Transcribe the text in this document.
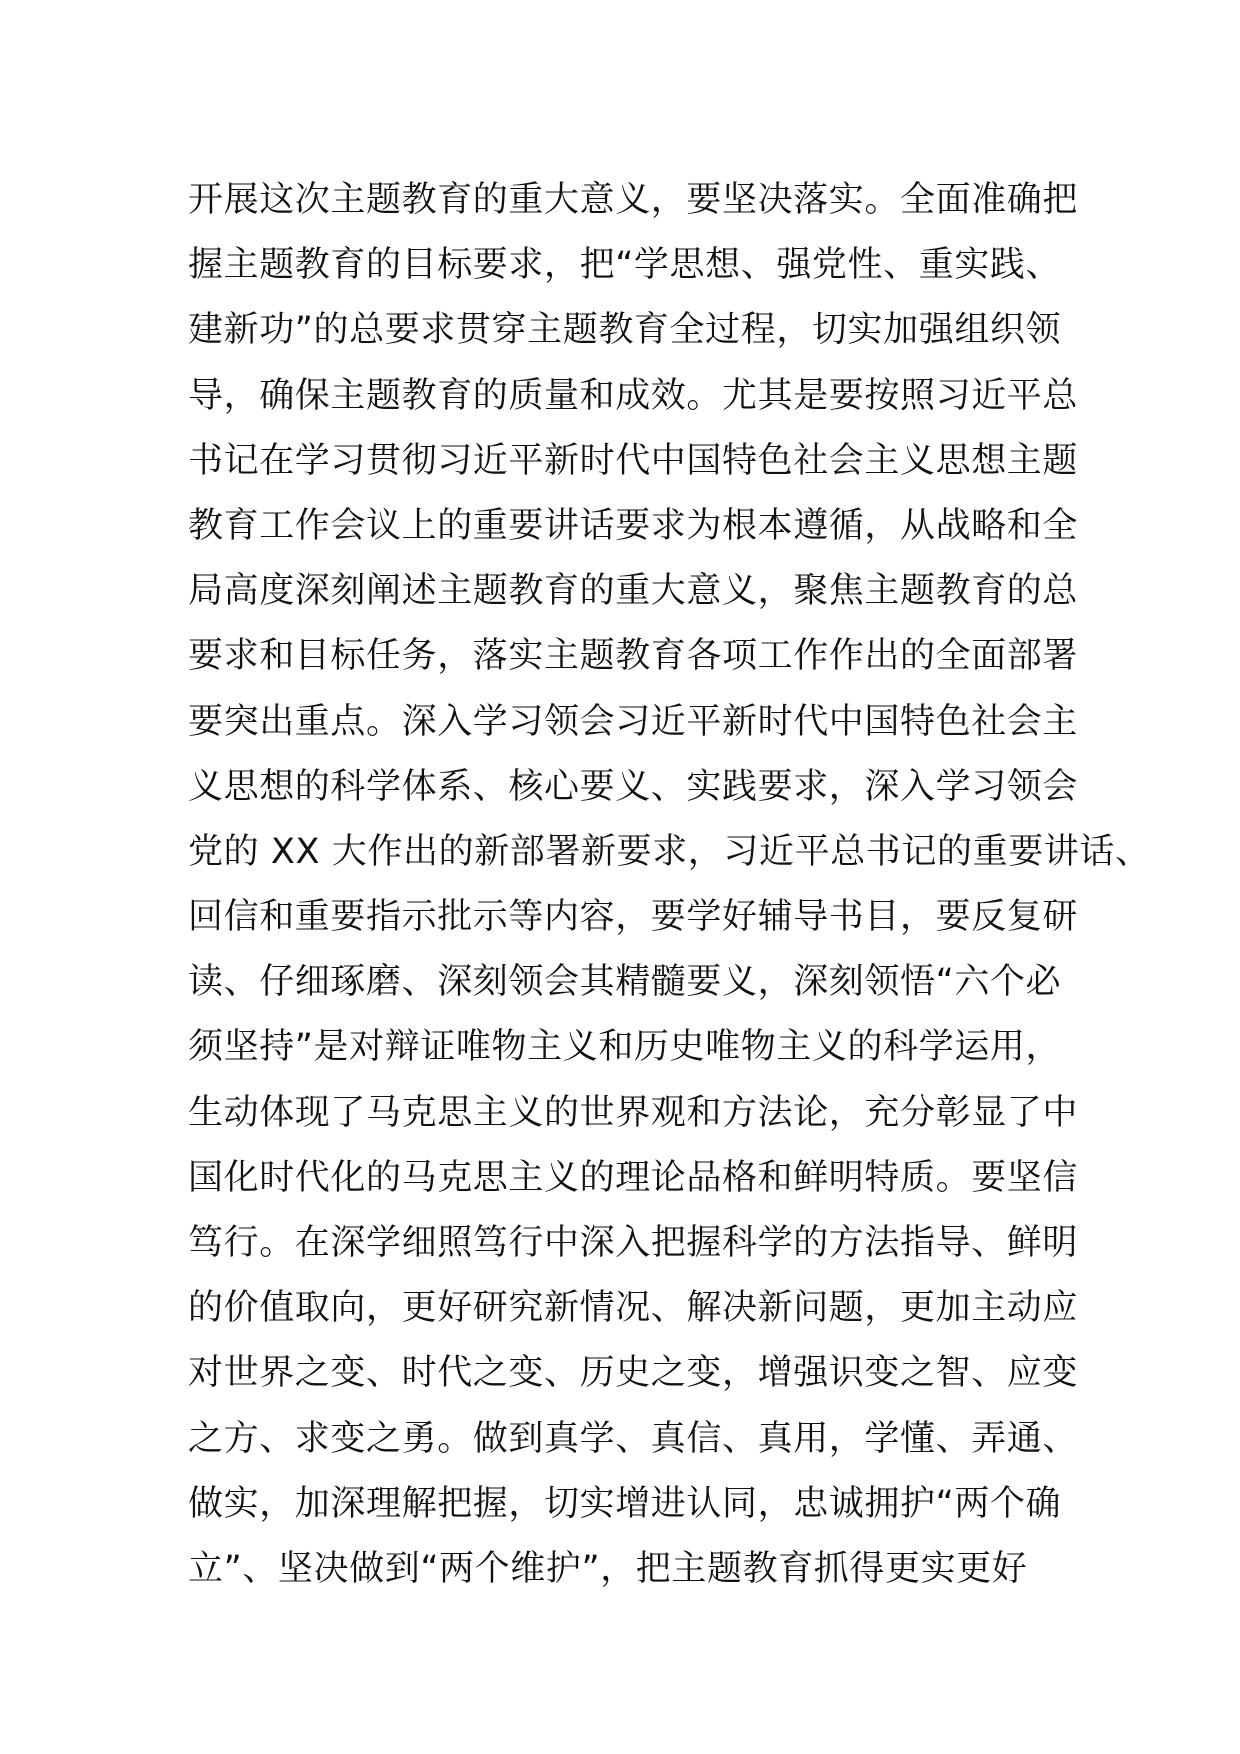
开展这次主题教育的重大意义，要坚决落实。全面准确把
握主题教育的目标要求，把“学思想、强党性、重实践、
建新功”的总要求贯穿主题教育全过程，切实加强组织领
导，确保主题教育的质量和成效。尤其是要按照习近平总
书记在学习贯彻习近平新时代中国特色社会主义思想主题
教育工作会议上的重要讲话要求为根本遵循，从战略和全
局高度深刻阐述主题教育的重大意义，聚焦主题教育的总
要求和目标任务，落实主题教育各项工作作出的全面部署
要突出重点。深入学习领会习近平新时代中国特色社会主
义思想的科学体系、核心要义、实践要求，深入学习领会
党的 XX 大作出的新部署新要求，习近平总书记的重要讲话、
回信和重要指示批示等内容，要学好辅导书目，要反复研
读、仔细琢磨、深刻领会其精髓要义，深刻领悟“六个必
须坚持”是对辩证唯物主义和历史唯物主义的科学运用，
生动体现了马克思主义的世界观和方法论，充分彰显了中
国化时代化的马克思主义的理论品格和鲜明特质。要坚信
笃行。在深学细照笃行中深入把握科学的方法指导、鲜明
的价值取向，更好研究新情况、解决新问题，更加主动应
对世界之变、时代之变、历史之变，增强识变之智、应变
之方、求变之勇。做到真学、真信、真用，学懂、弄通、
做实，加深理解把握，切实增进认同，忠诚拥护“两个确
立”、坚决做到“两个维护”，把主题教育抓得更实更好
